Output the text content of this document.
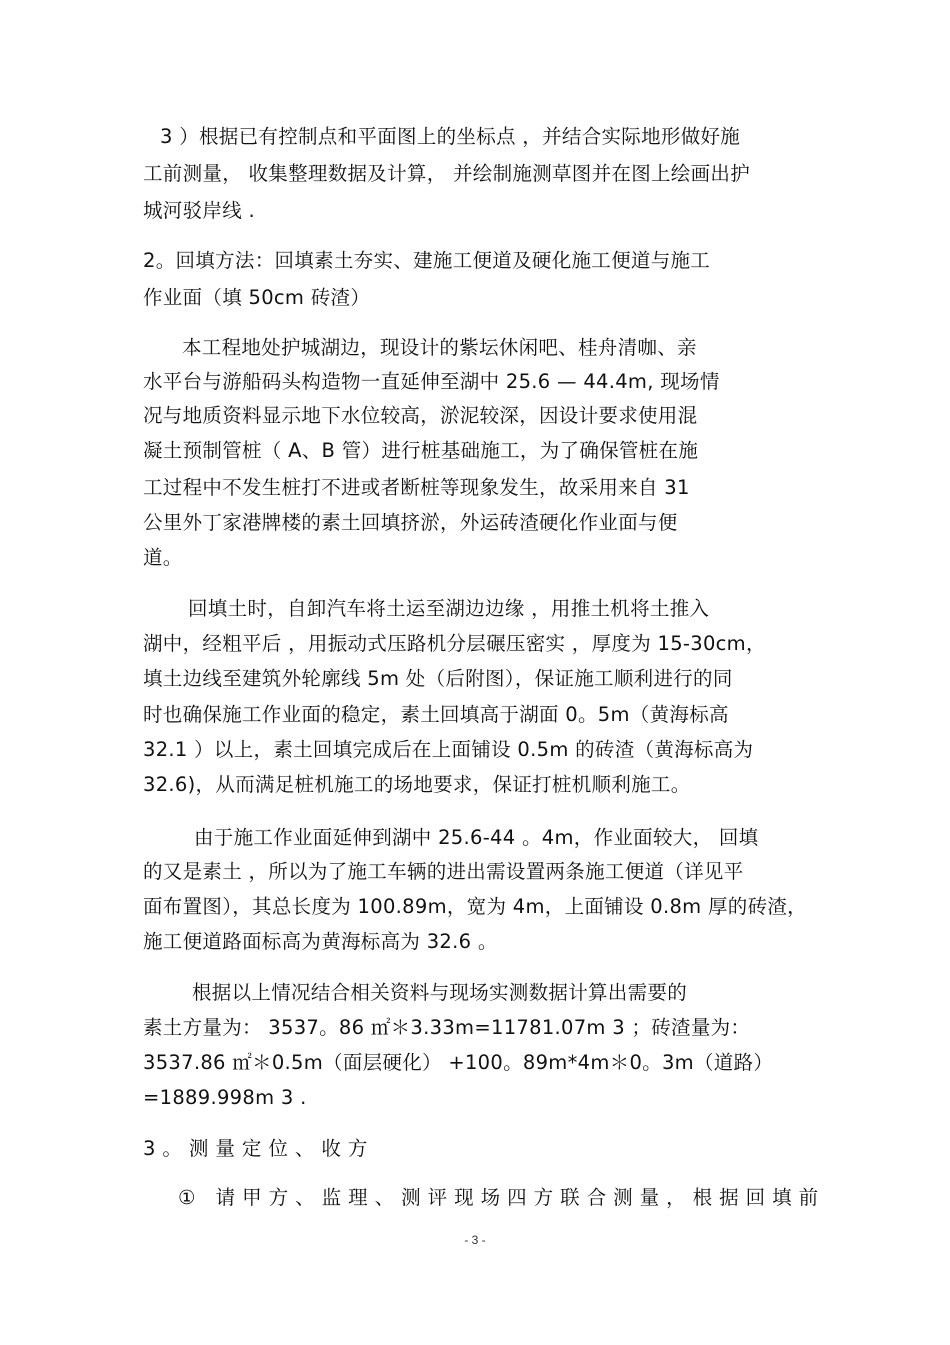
3 ）根据已有控制点和平面图上的坐标点 ，并结合实际地形做好施
工前测量， 收集整理数据及计算， 并绘制施测草图并在图上绘画出护
城河驳岸线 .
2。回填方法：回填素土夯实、建施工便道及硬化施工便道与施工
作业面（填 50cm 砖渣）
本工程地处护城湖边，现设计的紫坛休闲吧、桂舟清咖、亲
水平台与游船码头构造物一直延伸至湖中 25.6 — 44.4m, 现场情
况与地质资料显示地下水位较高，淤泥较深，因设计要求使用混
凝土预制管桩（ A、B 管）进行桩基础施工，为了确保管桩在施
工过程中不发生桩打不进或者断桩等现象发生，故采用来自 31
公里外丁家港牌楼的素土回填挤淤，外运砖渣硬化作业面与便
道。
回填土时，自卸汽车将土运至湖边边缘 ，用推土机将土推入
湖中，经粗平后 ，用振动式压路机分层碾压密实 ，厚度为 15-30cm，
填土边线至建筑外轮廓线 5m 处（后附图），保证施工顺利进行的同
时也确保施工作业面的稳定，素土回填高于湖面 0。5m（黄海标高
32.1 ）以上，素土回填完成后在上面铺设 0.5m 的砖渣（黄海标高为
32.6)，从而满足桩机施工的场地要求，保证打桩机顺利施工。
由于施工作业面延伸到湖中 25.6-44 。4m，作业面较大， 回填
的又是素土 ，所以为了施工车辆的进出需设置两条施工便道（详见平
面布置图），其总长度为 100.89m，宽为 4m，上面铺设 0.8m 厚的砖渣，
施工便道路面标高为黄海标高为 32.6 。
根据以上情况结合相关资料与现场实测数据计算出需要的
素土方量为： 3537。86 ㎡＊3.33m=11781.07m 3 ；砖渣量为：
3537.86 ㎡＊0.5m（面层硬化） +100。89m*4m＊0。3m（道路）
=1889.998m 3 .
3。测量定位、收方
① 请甲方、监理、测评现场四方联合测量，根据回填前
- 3 -
